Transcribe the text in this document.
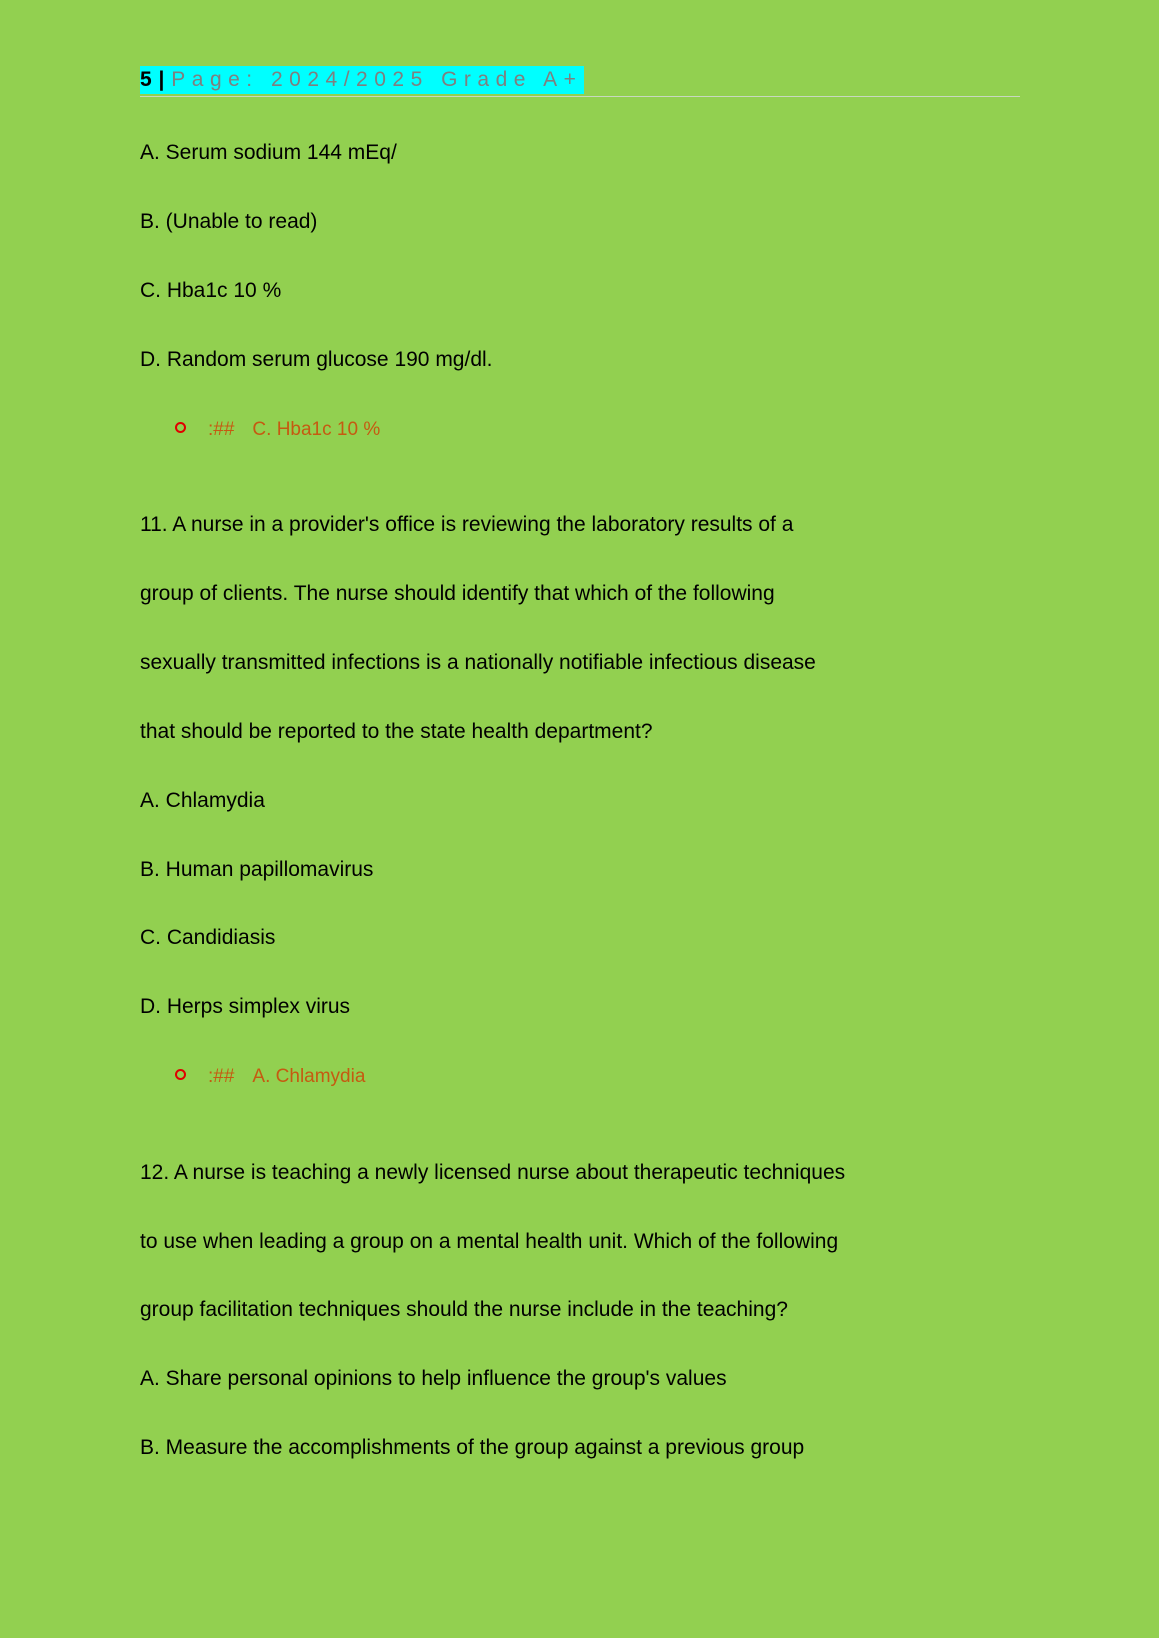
5 | Page: 2024/2025 Grade A+
A. Serum sodium 144 mEq/
B. (Unable to read)
C. Hba1c 10 %
D. Random serum glucose 190 mg/dl.
:## C. Hba1c 10 %
11. A nurse in a provider's office is reviewing the laboratory results of a
group of clients. The nurse should identify that which of the following
sexually transmitted infections is a nationally notifiable infectious disease
that should be reported to the state health department?
A. Chlamydia
B. Human papillomavirus
C. Candidiasis
D. Herps simplex virus
:## A. Chlamydia
12. A nurse is teaching a newly licensed nurse about therapeutic techniques
to use when leading a group on a mental health unit. Which of the following
group facilitation techniques should the nurse include in the teaching?
A. Share personal opinions to help influence the group's values
B. Measure the accomplishments of the group against a previous group
